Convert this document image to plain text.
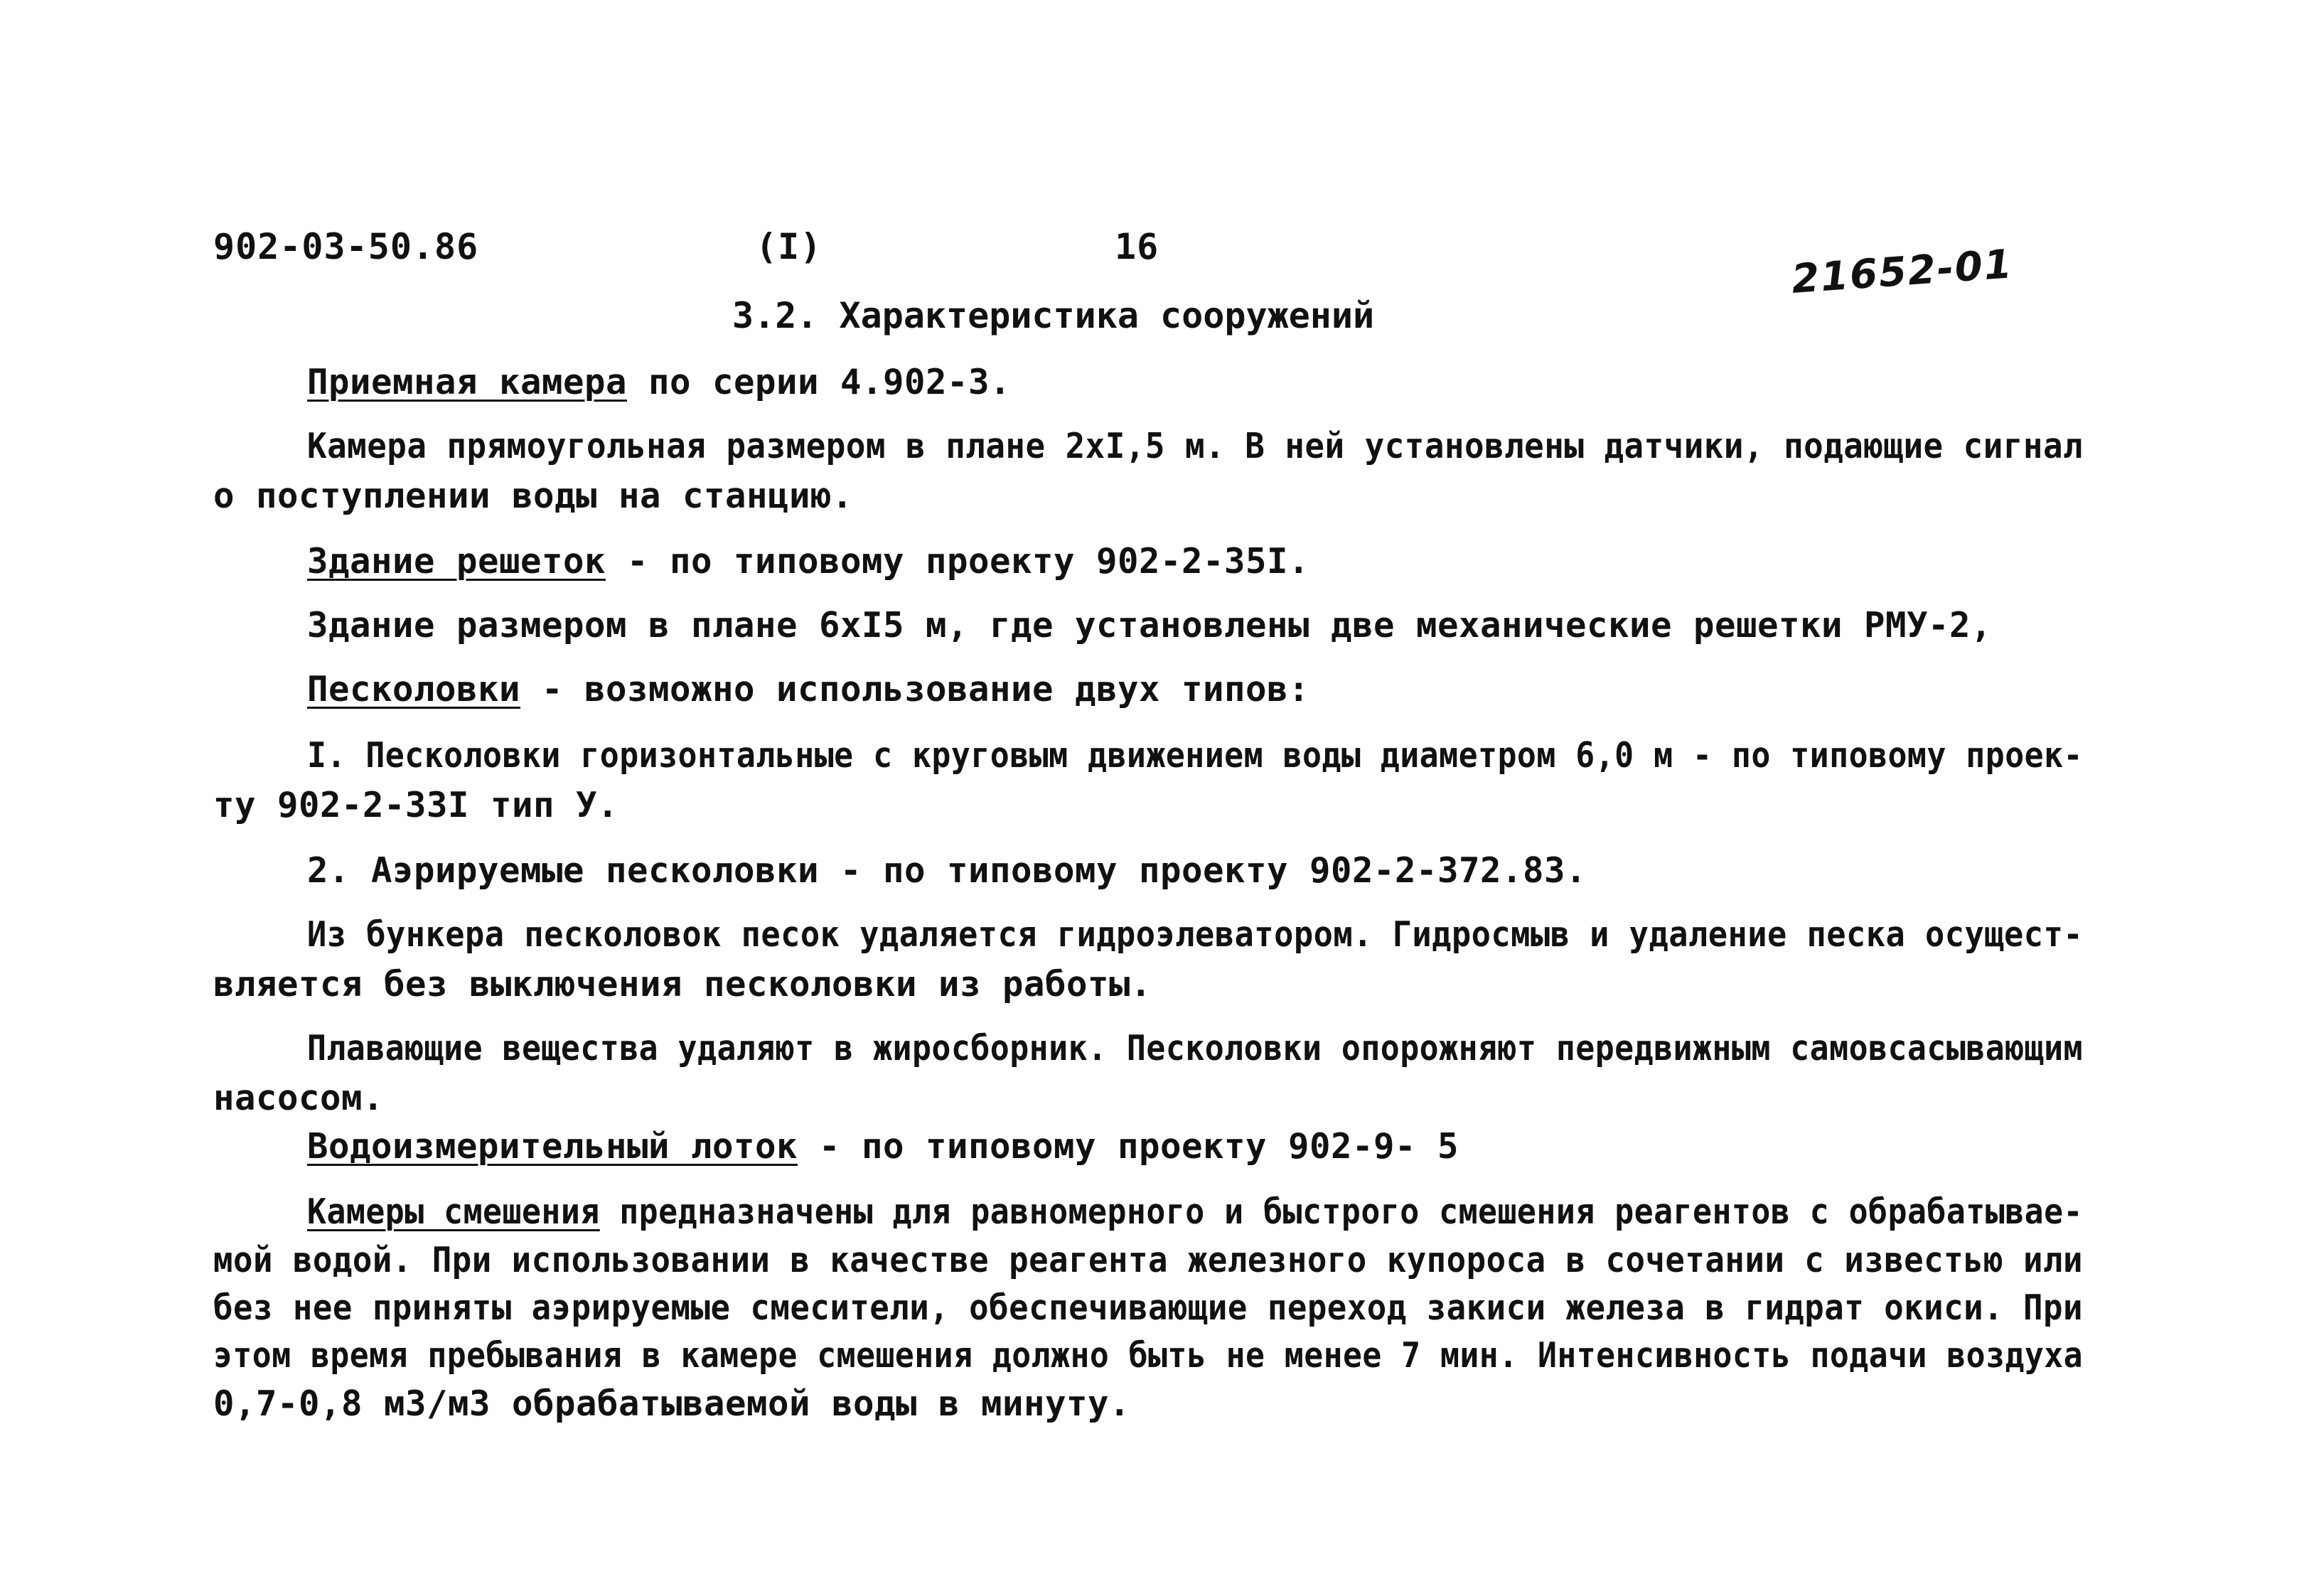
902-03-50.86	(I)	16	21652-01
3.2. Характеристика сооружений
Приемная камера по серии 4.902-3.
Камера прямоугольная размером в плане 2хI,5 м. В ней установлены датчики, подающие сигнал
о поступлении воды на станцию.
Здание решеток - по типовому проекту 902-2-35I.
Здание размером в плане 6хI5 м, где установлены две механические решетки РМУ-2,
Песколовки - возможно использование двух типов:
I. Песколовки горизонтальные с круговым движением воды диаметром 6,0 м - по типовому проек-
ту 902-2-33I тип У.
2. Аэрируемые песколовки - по типовому проекту 902-2-372.83.
Из бункера песколовок песок удаляется гидроэлеватором. Гидросмыв и удаление песка осущест-
вляется без выключения песколовки из работы.
Плавающие вещества удаляют в жиросборник. Песколовки опорожняют передвижным самовсасывающим
насосом.
Водоизмерительный лоток - по типовому проекту 902-9- 5
Камеры смешения предназначены для равномерного и быстрого смешения реагентов с обрабатывае-
мой водой. При использовании в качестве реагента железного купороса в сочетании с известью или
без нее приняты аэрируемые смесители, обеспечивающие переход закиси железа в гидрат окиси. При
этом время пребывания в камере смешения должно быть не менее 7 мин. Интенсивность подачи воздуха
0,7-0,8 м3/м3 обрабатываемой воды в минуту.
